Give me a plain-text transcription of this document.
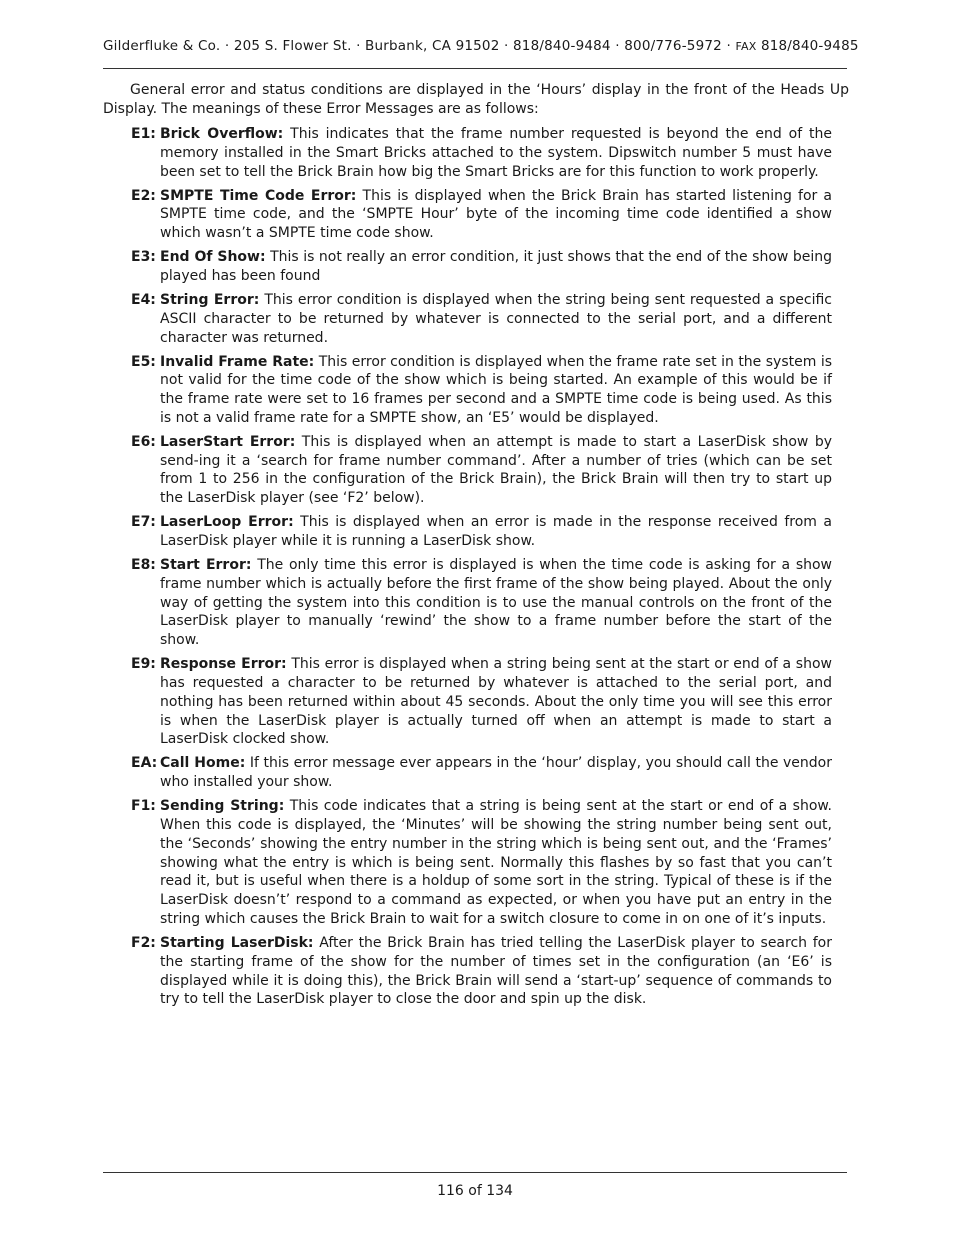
Gilderfluke & Co. · 205 S. Flower St. · Burbank, CA 91502 · 818/840-9484 · 800/776-5972 · FAX 818/840-9485

General error and status conditions are displayed in the ‘Hours’ display in the front of the Heads Up Display. The meanings of these Error Messages are as follows:

E1: Brick Overflow: This indicates that the frame number requested is beyond the end of the memory installed in the Smart Bricks attached to the system. Dipswitch number 5 must have been set to tell the Brick Brain how big the Smart Bricks are for this function to work properly.
E2: SMPTE Time Code Error: This is displayed when the Brick Brain has started listening for a SMPTE time code, and the ‘SMPTE Hour’ byte of the incoming time code identified a show which wasn’t a SMPTE time code show.
E3: End Of Show: This is not really an error condition, it just shows that the end of the show being played has been found
E4: String Error: This error condition is displayed when the string being sent requested a specific ASCII character to be returned by whatever is connected to the serial port, and a different character was returned.
E5: Invalid Frame Rate: This error condition is displayed when the frame rate set in the system is not valid for the time code of the show which is being started. An example of this would be if the frame rate were set to 16 frames per second and a SMPTE time code is being used. As this is not a valid frame rate for a SMPTE show, an ‘E5’ would be displayed.
E6: LaserStart Error: This is displayed when an attempt is made to start a LaserDisk show by send-ing it a ‘search for frame number command’. After a number of tries (which can be set from 1 to 256 in the configuration of the Brick Brain), the Brick Brain will then try to start up the LaserDisk player (see ‘F2’ below).
E7: LaserLoop Error: This is displayed when an error is made in the response received from a LaserDisk player while it is running a LaserDisk show.
E8: Start Error: The only time this error is displayed is when the time code is asking for a show frame number which is actually before the first frame of the show being played. About the only way of getting the system into this condition is to use the manual controls on the front of the LaserDisk player to manually ‘rewind’ the show to a frame number before the start of the show.
E9: Response Error: This error is displayed when a string being sent at the start or end of a show has requested a character to be returned by whatever is attached to the serial port, and nothing has been returned within about 45 seconds. About the only time you will see this error is when the LaserDisk player is actually turned off when an attempt is made to start a LaserDisk clocked show.
EA: Call Home: If this error message ever appears in the ‘hour’ display, you should call the vendor who installed your show.
F1: Sending String: This code indicates that a string is being sent at the start or end of a show. When this code is displayed, the ‘Minutes’ will be showing the string number being sent out, the ‘Seconds’ showing the entry number in the string which is being sent out, and the ‘Frames’ showing what the entry is which is being sent. Normally this flashes by so fast that you can’t read it, but is useful when there is a holdup of some sort in the string. Typical of these is if the LaserDisk doesn’t’ respond to a command as expected, or when you have put an entry in the string which causes the Brick Brain to wait for a switch closure to come in on one of it’s inputs.
F2: Starting LaserDisk: After the Brick Brain has tried telling the LaserDisk player to search for the starting frame of the show for the number of times set in the configuration (an ‘E6’ is displayed while it is doing this), the Brick Brain will send a ‘start-up’ sequence of commands to try to tell the LaserDisk player to close the door and spin up the disk.
116 of 134
